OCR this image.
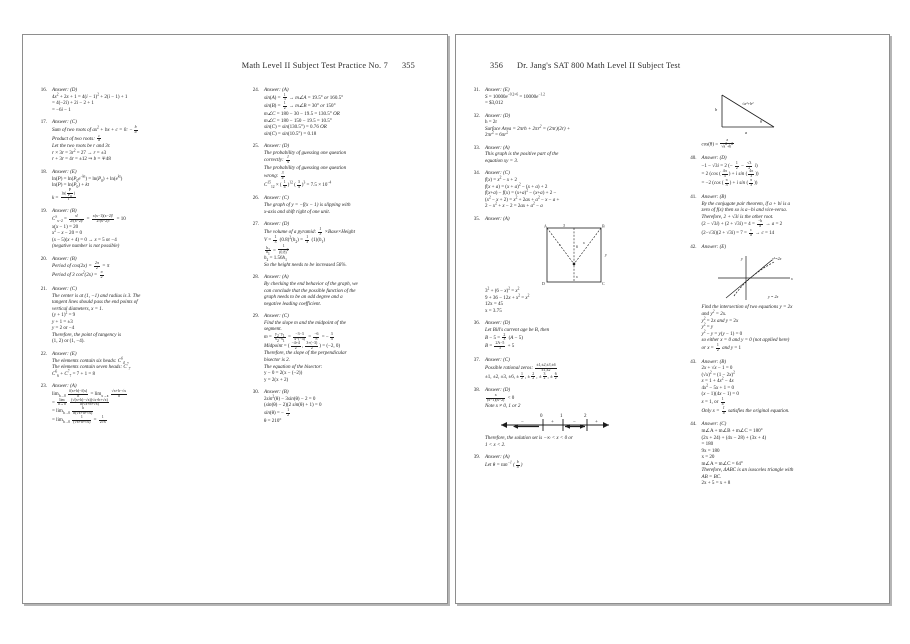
Math Level II Subject Test Practice No. 7 355
16. Answer: (D)
$4x^2 + 2x + 1 = 4(i - 1)^2 + 2(i - 1) + 1$
= 4(−2i) + 2i − 2 + 1
= −6i − 1
17. Answer: (C)
Sum of two roots of $ax^2$ + bx + c = 0: − $\frac{b}{a}$
Product of two roots: $\frac{c}{a}$
Let the two roots be r and 3r.
$r \times 3r = 3r^2 = 27 \to r = \pm 3$
r + 3r = 4r = ±12 ⇒ b = ∓48
18. Answer: (E)
$\ln(P) = \ln(P_0e^{-kt}) = \ln(P_0) + \ln(e^{kt})$
$\ln(P) = \ln(P_0)$ + kt
$k = \frac{\ln( \frac{P}{P_0} )}{t}$
19. Answer: (B)
$C^x_{x-2} = \frac{x!}{2!(x-2)!} = \frac{x(x-1)(x-2)!}{2!(x-2)!} = 10$
x(x − 1) = 20
$x^2 - x - 20 = 0$
(x − 5)(x + 4) = 0 → x = 5 or −4
(negative number is not possible)
20. Answer: (B)
Period of $\cos(2x) = \frac{2\pi}{2} = \pi$
Period of 3 $\cos^2(2x) = \frac{\pi}{2}$
21. Answer: (C)
The center is at (1, −1) and radius is 3. The
tangent lines should pass the end points of
vertical diameters, x = 1.
$(y + 1)^2 = 9$
y + 1 = ±3
y = 2 or −4
Therefore, the point of tangency is
(1, 2) or (1, −4).
22. Answer: (E)
The elements contain six heads: $C^6_4$
The elements contain seven heads: $C^7_7$
$C^6_6 + C^7_7 = 7 + 1 = 8$
23. Answer: (A)
$\lim_{h\to 0} \frac{f(x+h)-f(x)}{h} = \lim_{x\to a} \frac{√x+h-√x}{h}$
= $\frac{\lim}{h\to 0}$
$\frac{(√(x+h)-√x)(√x+h+√x)}{h(√x+h+√x)}$
= $\lim_{h\to 0} \frac{h}{h(√x+h+√x)}$
= $\lim_{h\to 0} \frac{1}{(√x+h+√x)} = \frac{1}{2√x}$
24. Answer: (A)
$\sin(A) = \frac{1}{3}$ → m∠A = 19.5° or 160.5°
$\sin(B) = \frac{1}{2}$ → m∠B = 30° or 150°
m∠C = 180 − 30 − 19.5 = 130.5° OR
m∠C = 180 − 150 − 19.5 = 10.5°
sin(C) = sin(130.5°) = 0.76 OR
sin(C) = sin(10.5°) = 0.18
25. Answer: (D)
The probability of guessing one question
correctly: $\frac{1}{4}$
The probability of guessing one question
wrong: $\frac{3}{4}$
$C^{15}_{12}$ × ( $\frac{1}{4} )^{12}$ ( $\frac{3}{4} )^3 = 7.5 \times 10^{-4}$
26. Answer: (C)
The graph of y = −f(x − 1) is slipping with
x-axis and shift right of one unit.
27. Answer: (D)
The volume of a pyramid: $\frac{1}{3}$ ×Base×Height
$V = \frac{1}{3} (0.8)^2(h_2) = \frac{1}{3} (1)(h_1)$
$\frac{h_2}{h_1} = \frac{1}{(0.8)^2}$
$h_2 = 1.56h_1$
So the height needs to be increased 56%.
28. Answer: (A)
By checking the end behavior of the graph, we
can conclude that the possible function of the
graph needs to be an odd degree and a
negative leading coefficient.
29. Answer: (C)
Find the slope m and the midpoint of the
segment.
$m = \frac{y_2-y_1}{x_2-x_1} = \frac{-3-3}{4-(-4)} = \frac{-6}{8}$ = − $\frac{3}{4}$
Midpoint = ( $\frac{-4+4}{2}$ , $\frac{3+(-3)}{2}$ ) = (−2, 0)
Therefore, the slope of the perpendicular
bisector is 2.
The equation of the bisector:
y − 0 = 2(x − (−2))
y = 2(x + 2)
30. Answer: (B)
$2\sin^2(\theta) - 3\sin(\theta) - 2 = 0$
(sin(θ) − 2)(2 sin(θ) + 1) = 0
sin(θ) = − $\frac{1}{2}$
θ = 210°
356 Dr. Jang's SAT 800 Math Level II Subject Test
31. Answer: (E)
$S = 10000e^{-0.2\times 6} = 10000e^{-1.2}$
= $3,012
32. Answer: (D)
h = 2r
Surface Area = $2\pi rh + 2\pi r^2 = (2\pi r)(2r)$ +
$2\pi r^2 = 6\pi r^2$
33. Answer: (A)
This graph is the positive part of the
equation xy = 3.
34. Answer: (C)
$f(x) = x^2 - x + 2$
$f(x + a) = (x + a)^2 - (x + a) + 2$
$f(x+a) - f(x) = (x+a)^2 - (x+a) + 2$ −
$(x^2 - x + 2) = x^2 + 2ax + a^2 - x - a$ +
$2 - x^2 + x - 2 = 2ax + a^2 - a$
35. Answer: (A)
A	B
D	C
3
x
x	6
y
x
$3^2 + (6 - x)^2 = x^2$
$9 + 36 - 12x + x^2 = x^2$
12x = 45
x = 3.75
36. Answer: (D)
Let Bill's current age be B, then
$B - 5 = \frac{2}{3} (A - 5)$
$B = \frac{2A-5}{3} + 5$
37. Answer: (C)
Possible rational zeros: $\frac{\pm 1,\pm 2,\pm 3,\pm 6}{\pm 1,\pm 2}$
±1, ±2, ±3, ±6, ± $\frac{1}{2}$ , ± $\frac{2}{2}$ , ± $\frac{3}{2}$ , ± $\frac{6}{2}$
38. Answer: (D)
$\frac{x}{(x-1)(x-2)} < 0$
Note x ≠ 0, 1 or 2
0	1	2
−	+	−	+
Therefore, the solution set is −∞ < x < 0 or
1 < x < 2.
39. Answer: (A)
Let $\theta = \tan^{-1}$ ( $\frac{b}{a}$ )
b
a
√a²+b²
θ
$\cos(\theta) = \frac{a}{√a^2+b^2}$
40. Answer: (D)
−1 − √3i = 2 (− $\frac{1}{2} - \frac{√3}{2} i$)
= 2 (cos ( $\frac{4\pi}{3}$ ) + i sin ( $\frac{4\pi}{3}$ ))
= −2 (cos ( $\frac{\pi}{3}$ ) + i sin ( $\frac{\pi}{3}$ ))
41. Answer: (B)
By the conjugate pair theorem, if a + bi is a
zero of f(x) then so is a−bi and vice-versa.
Therefore, 2 + √3i is the other root.
$(2 - √3i) + (2 + √3i) = 4 = \frac{-b}{a} \to a = 2$
$(2-√3i)(2 + √3i) = 7 = \frac{c}{a} \to c = 14$
42. Answer: (E)
x
y	y²=2x
y = 2x
Find the intersection of two equations y = 2x
and $y^2 = 2x$.
$y^2 = 2x$ and y = 2x
$y^2 = y$
$y^2 - y = y(y - 1) = 0$
so either x = 0 and y = 0 (not applied here)
or $x = \frac{1}{2}$ and y = 1
43. Answer: (B)
2x + √x − 1 = 0
$(√x)^2 = (1 - 2x)^2$
$x = 1 + 4x^2 - 4x$
$4x^2 - 5x + 1 = 0$
(x − 1)(4x − 1) = 0
x = 1, or $\frac{1}{4}$
Only $x = \frac{1}{4}$ satisfies the original equation.
44. Answer: (C)
m∠A + m∠B + m∠C = 180°
(2x + 24) + (4x − 28) + (3x + 4)
= 180
9x = 180
x = 20
m∠A = m∠C = 64°
Therefore, ΔABC is an isosceles triangle with
AB = BC.
2x + 5 = x + 8
